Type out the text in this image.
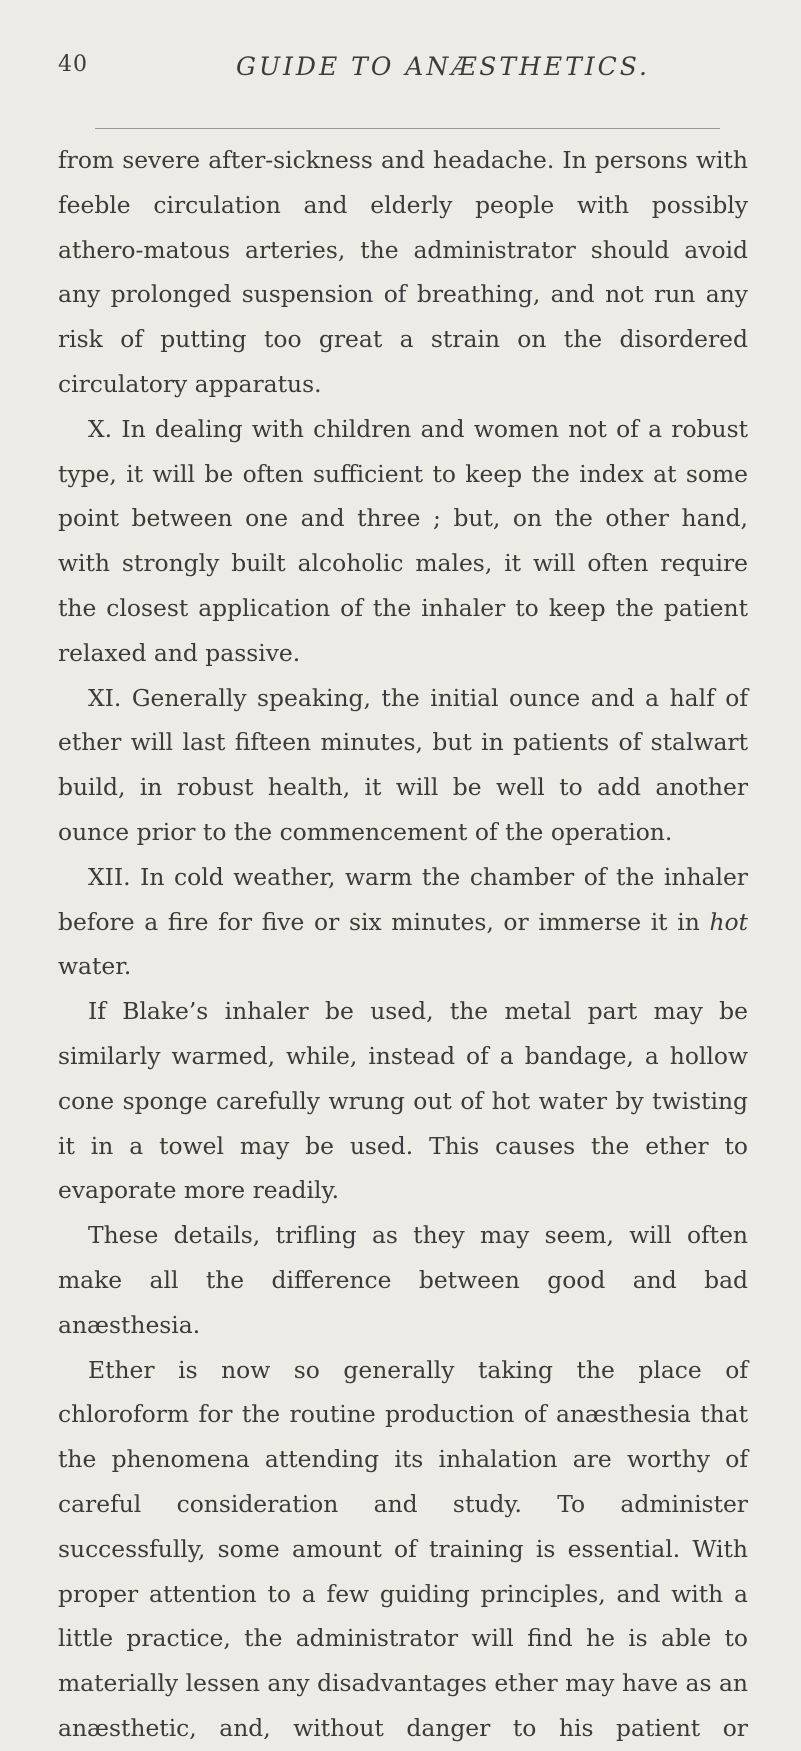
40	GUIDE TO ANÆSTHETICS.

from severe after-sickness and headache. In persons with feeble circulation and elderly people with possibly athero-matous arteries, the administrator should avoid any prolonged suspension of breathing, and not run any risk of putting too great a strain on the disordered circulatory apparatus.

X. In dealing with children and women not of a robust type, it will be often sufficient to keep the index at some point between one and three ; but, on the other hand, with strongly built alcoholic males, it will often require the closest application of the inhaler to keep the patient relaxed and passive.

XI. Generally speaking, the initial ounce and a half of ether will last fifteen minutes, but in patients of stalwart build, in robust health, it will be well to add another ounce prior to the commencement of the operation.

XII. In cold weather, warm the chamber of the inhaler before a fire for five or six minutes, or immerse it in hot water.

If Blake’s inhaler be used, the metal part may be similarly warmed, while, instead of a bandage, a hollow cone sponge carefully wrung out of hot water by twisting it in a towel may be used. This causes the ether to evaporate more readily.

These details, trifling as they may seem, will often make all the difference between good and bad anæsthesia.

Ether is now so generally taking the place of chloroform for the routine production of anæsthesia that the phenomena attending its inhalation are worthy of careful consideration and study. To administer successfully, some amount of training is essential. With proper attention to a few guiding principles, and with a little practice, the administrator will find he is able to materially lessen any disadvantages ether may have as an anæsthetic, and, without danger to his patient or
